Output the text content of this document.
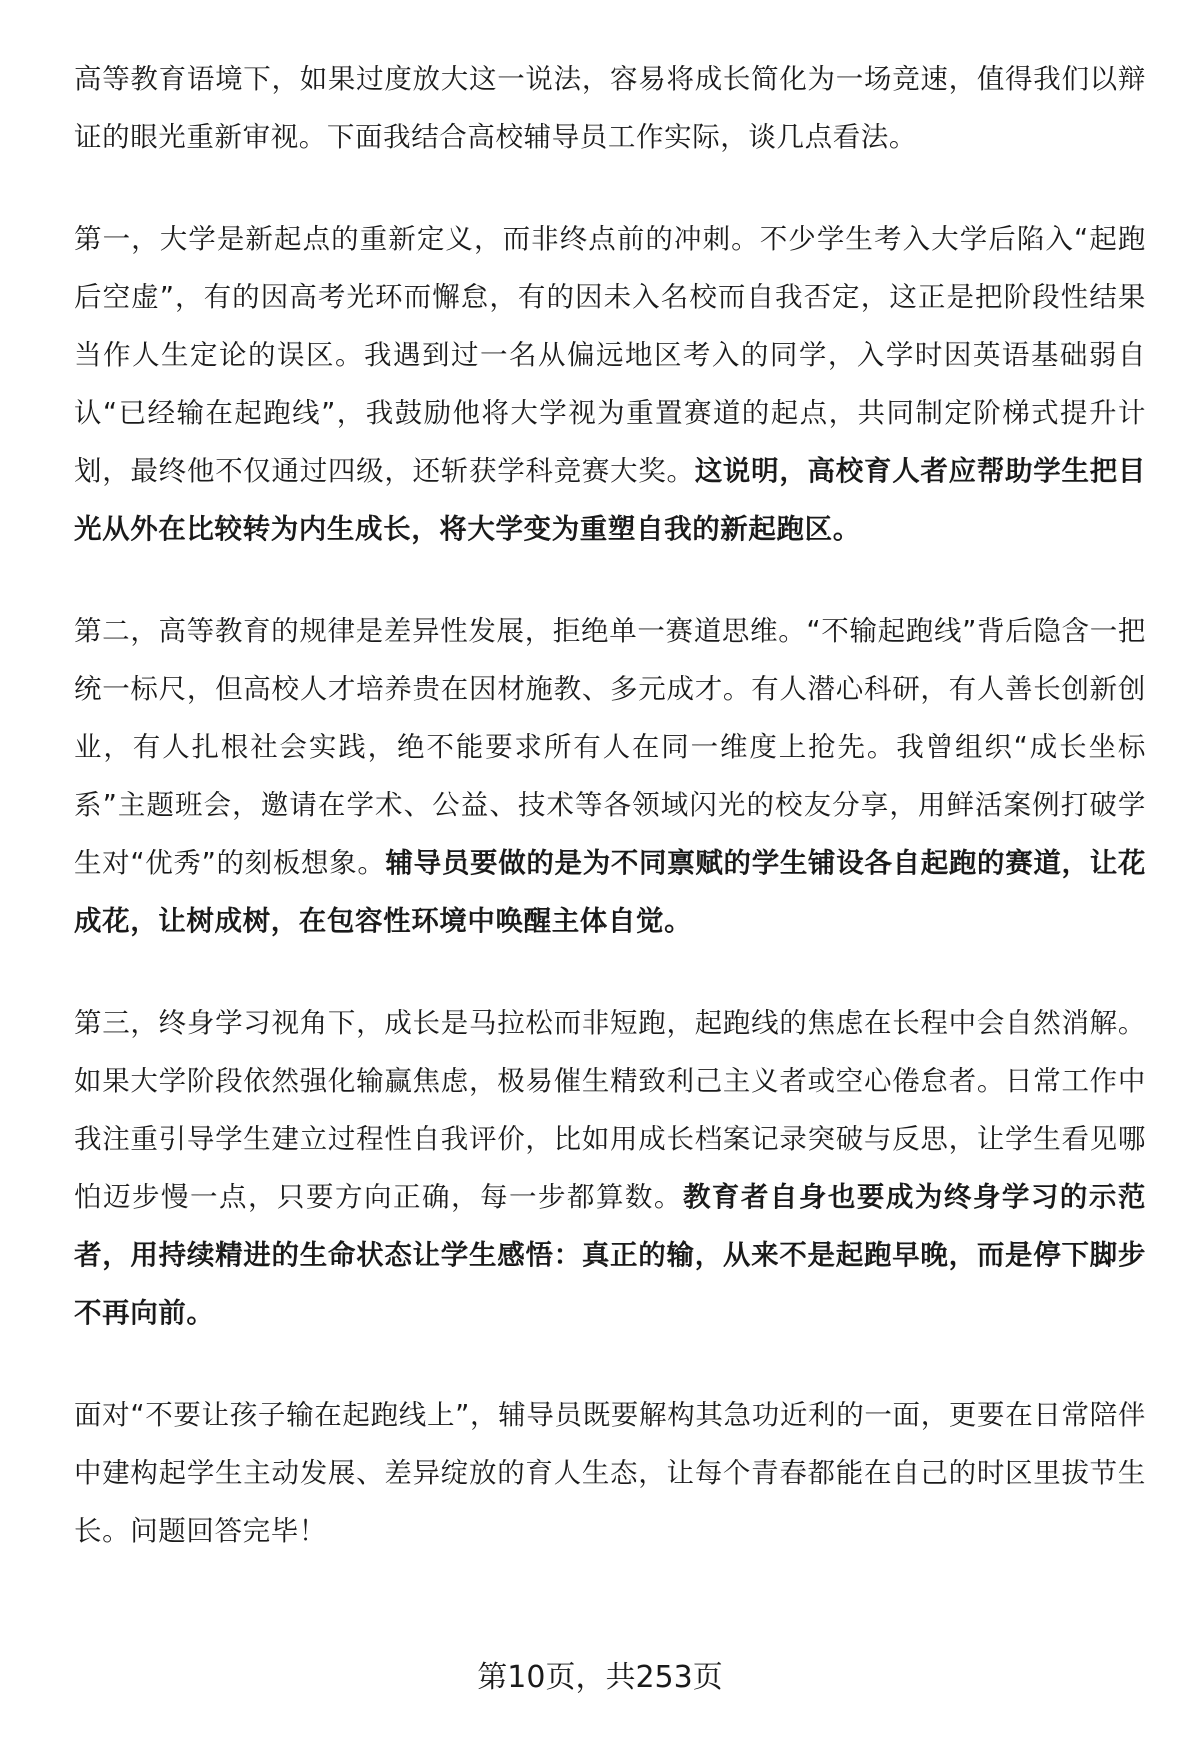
高等教育语境下，如果过度放大这一说法，容易将成长简化为一场竞速，值得我们以辩证的眼光重新审视。下面我结合高校辅导员工作实际，谈几点看法。

第一，大学是新起点的重新定义，而非终点前的冲刺。不少学生考入大学后陷入“起跑后空虚”，有的因高考光环而懈怠，有的因未入名校而自我否定，这正是把阶段性结果当作人生定论的误区。我遇到过一名从偏远地区考入的同学，入学时因英语基础弱自认“已经输在起跑线”，我鼓励他将大学视为重置赛道的起点，共同制定阶梯式提升计划，最终他不仅通过四级，还斩获学科竞赛大奖。这说明，高校育人者应帮助学生把目光从外在比较转为内生成长，将大学变为重塑自我的新起跑区。

第二，高等教育的规律是差异性发展，拒绝单一赛道思维。“不输起跑线”背后隐含一把统一标尺，但高校人才培养贵在因材施教、多元成才。有人潜心科研，有人善长创新创业，有人扎根社会实践，绝不能要求所有人在同一维度上抢先。我曾组织“成长坐标系”主题班会，邀请在学术、公益、技术等各领域闪光的校友分享，用鲜活案例打破学生对“优秀”的刻板想象。辅导员要做的是为不同禀赋的学生铺设各自起跑的赛道，让花成花，让树成树，在包容性环境中唤醒主体自觉。

第三，终身学习视角下，成长是马拉松而非短跑，起跑线的焦虑在长程中会自然消解。如果大学阶段依然强化输赢焦虑，极易催生精致利己主义者或空心倦怠者。日常工作中我注重引导学生建立过程性自我评价，比如用成长档案记录突破与反思，让学生看见哪怕迈步慢一点，只要方向正确，每一步都算数。教育者自身也要成为终身学习的示范者，用持续精进的生命状态让学生感悟：真正的输，从来不是起跑早晚，而是停下脚步不再向前。

面对“不要让孩子输在起跑线上”，辅导员既要解构其急功近利的一面，更要在日常陪伴中建构起学生主动发展、差异绽放的育人生态，让每个青春都能在自己的时区里拔节生长。问题回答完毕！

第10页，共253页
